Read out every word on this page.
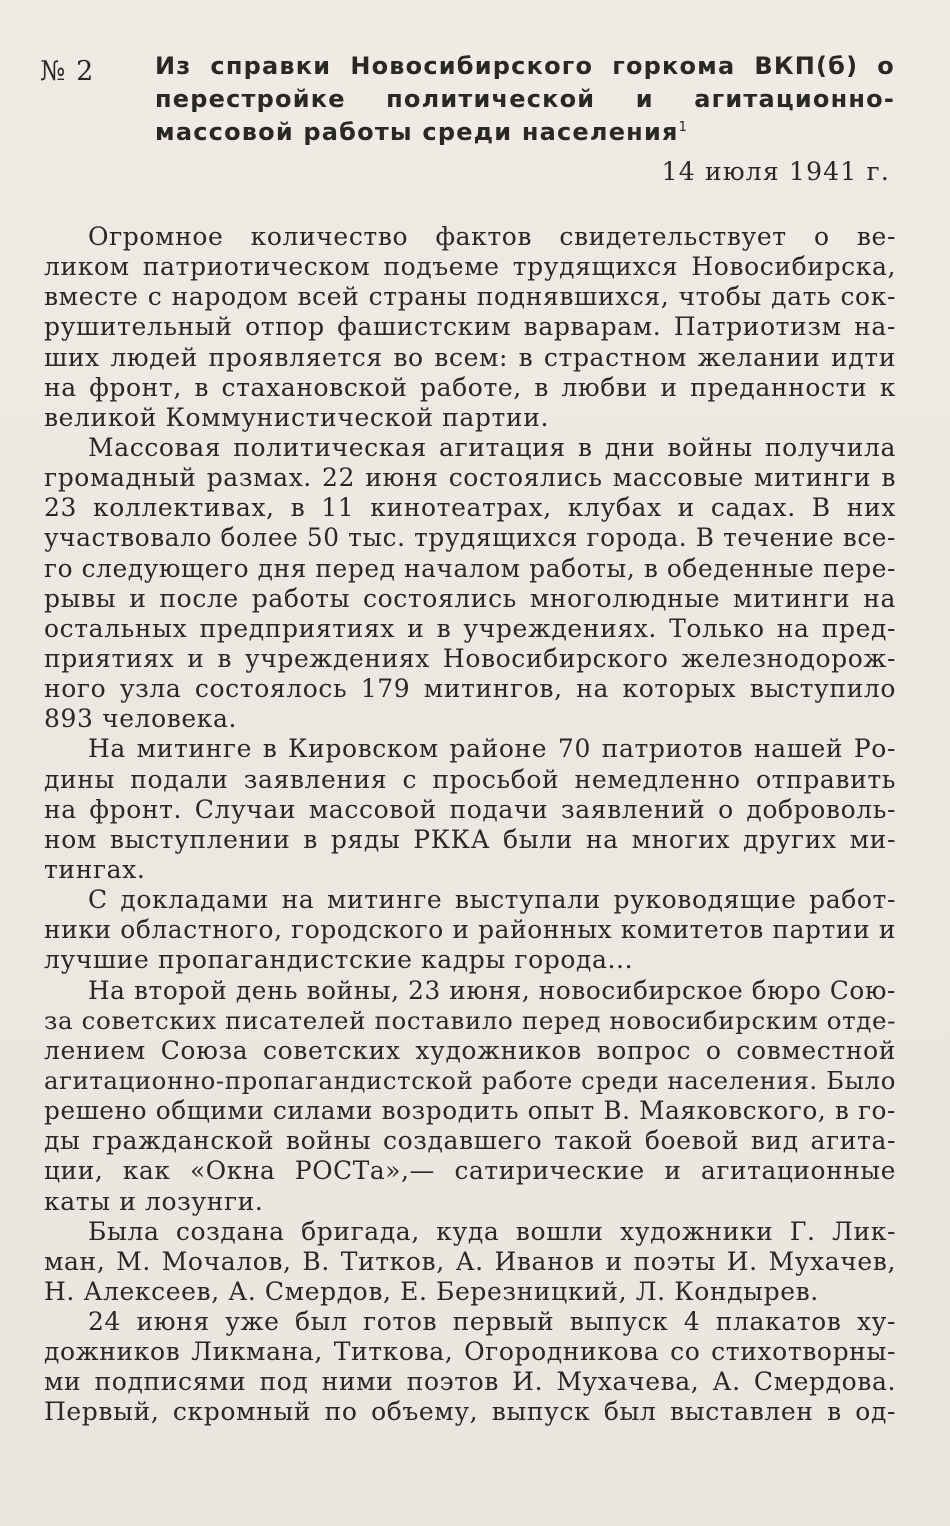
№ 2	Из справки Новосибирского горкома ВКП(б) о перестройке политической и агитационно-массовой работы среди населения$^1$
14 июля 1941 г.
Огромное количество фактов свидетельствует о ве-
ликом патриотическом подъеме трудящихся Новосибирска,
вместе с народом всей страны поднявшихся, чтобы дать сок-
рушительный отпор фашистским варварам. Патриотизм на-
ших людей проявляется во всем: в страстном желании идти
на фронт, в стахановской работе, в любви и преданности к
великой Коммунистической партии.
Массовая политическая агитация в дни войны получила
громадный размах. 22 июня состоялись массовые митинги в
23 коллективах, в 11 кинотеатрах, клубах и садах. В них
участвовало более 50 тыс. трудящихся города. В течение все-
го следующего дня перед началом работы, в обеденные пере-
рывы и после работы состоялись многолюдные митинги на
остальных предприятиях и в учреждениях. Только на пред-
приятиях и в учреждениях Новосибирского железнодорож-
ного узла состоялось 179 митингов, на которых выступило
893 человека.
На митинге в Кировском районе 70 патриотов нашей Ро-
дины подали заявления с просьбой немедленно отправить
на фронт. Случаи массовой подачи заявлений о доброволь-
ном выступлении в ряды РККА были на многих других ми-
тингах.
С докладами на митинге выступали руководящие работ-
ники областного, городского и районных комитетов партии и
лучшие пропагандистские кадры города...
На второй день войны, 23 июня, новосибирское бюро Сою-
за советских писателей поставило перед новосибирским отде-
лением Союза советских художников вопрос о совместной
агитационно-пропагандистской работе среди населения. Было
решено общими силами возродить опыт В. Маяковского, в го-
ды гражданской войны создавшего такой боевой вид агита-
ции, как «Окна РОСТа»,— сатирические и агитационные
каты и лозунги.
Была создана бригада, куда вошли художники Г. Лик-
ман, М. Мочалов, В. Титков, А. Иванов и поэты И. Мухачев,
Н. Алексеев, А. Смердов, Е. Березницкий, Л. Кондырев.
24 июня уже был готов первый выпуск 4 плакатов ху-
дожников Ликмана, Титкова, Огородникова со стихотворны-
ми подписями под ними поэтов И. Мухачева, А. Смердова.
Первый, скромный по объему, выпуск был выставлен в од-
